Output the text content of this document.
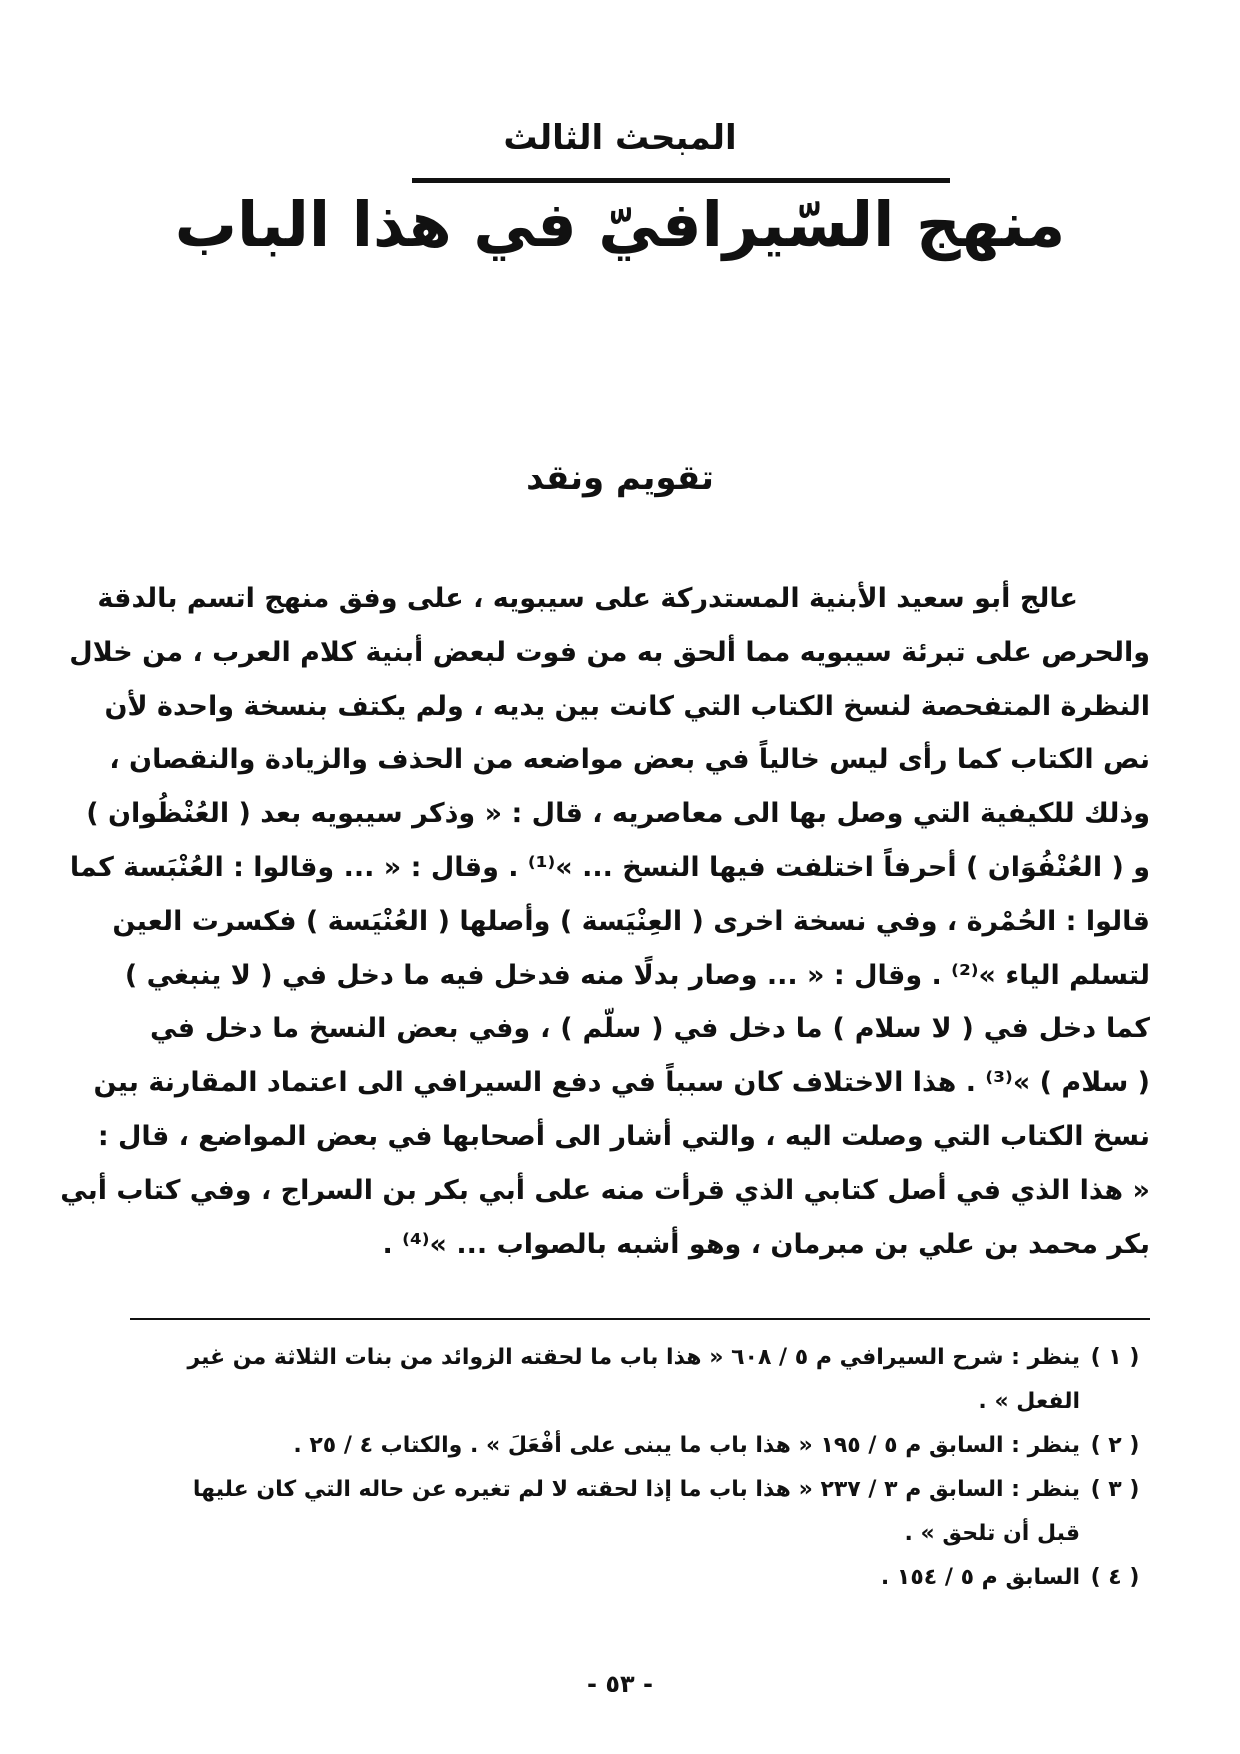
المبحث الثالث
منهج السّيرافيّ في هذا الباب
تقويم ونقد
عالج أبو سعيد الأبنية المستدركة على سيبويه ، على وفق منهج اتسم بالدقة
والحرص على تبرئة سيبويه مما ألحق به من فوت لبعض أبنية كلام العرب ، من خلال
النظرة المتفحصة لنسخ الكتاب التي كانت بين يديه ، ولم يكتف بنسخة واحدة لأن
نص الكتاب كما رأى ليس خالياً في بعض مواضعه من الحذف والزيادة والنقصان ،
وذلك للكيفية التي وصل بها الى معاصريه ، قال : « وذكر سيبويه بعد ( العُنْظُوان )
و ( العُنْفُوَان ) أحرفاً اختلفت فيها النسخ ... »⁽¹⁾ . وقال : « ... وقالوا : العُنْبَسة كما
قالوا : الحُمْرة ، وفي نسخة اخرى ( العِنْيَسة ) وأصلها ( العُنْيَسة ) فكسرت العين
لتسلم الياء »⁽²⁾ . وقال : « ... وصار بدلًا منه فدخل فيه ما دخل في ( لا ينبغي )
كما دخل في ( لا سلام ) ما دخل في ( سلّم ) ، وفي بعض النسخ ما دخل في
( سلام ) »⁽³⁾ . هذا الاختلاف كان سبباً في دفع السيرافي الى اعتماد المقارنة بين
نسخ الكتاب التي وصلت اليه ، والتي أشار الى أصحابها في بعض المواضع ، قال :
« هذا الذي في أصل كتابي الذي قرأت منه على أبي بكر بن السراج ، وفي كتاب أبي
بكر محمد بن علي بن مبرمان ، وهو أشبه بالصواب ... »⁽⁴⁾ .
( ١ )
ينظر : شرح السيرافي م ٥ / ٦٠٨ « هذا باب ما لحقته الزوائد من بنات الثلاثة من غير
الفعل » .
( ٢ )
ينظر : السابق م ٥ / ١٩٥ « هذا باب ما يبنى على أفْعَلَ » . والكتاب ٤ / ٢٥ .
( ٣ )
ينظر : السابق م ٣ / ٢٣٧ « هذا باب ما إذا لحقته لا لم تغيره عن حاله التي كان عليها
قبل أن تلحق » .
( ٤ )
السابق م ٥ / ١٥٤ .
- ٥٣ -
